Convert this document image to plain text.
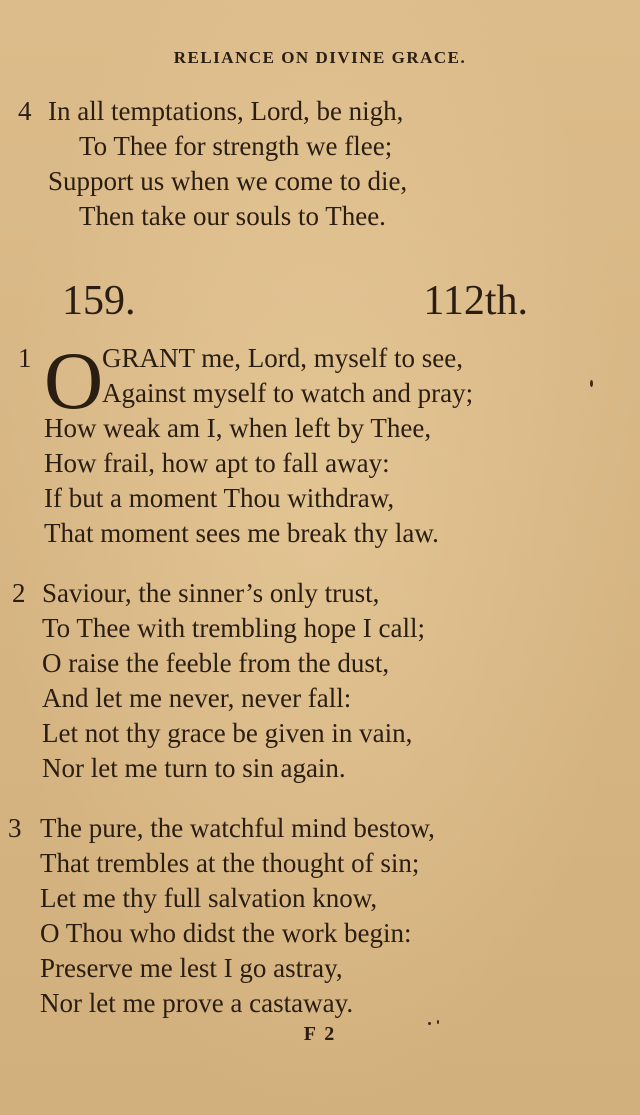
RELIANCE ON DIVINE GRACE.
4 In all temptations, Lord, be nigh,
To Thee for strength we flee;
Support us when we come to die,
Then take our souls to Thee.
159.	112th.
1 O
GRANT me, Lord, myself to see,
Against myself to watch and pray;
How weak am I, when left by Thee,
How frail, how apt to fall away:
If but a moment Thou withdraw,
That moment sees me break thy law.
2 Saviour, the sinner’s only trust,
To Thee with trembling hope I call;
O raise the feeble from the dust,
And let me never, never fall:
Let not thy grace be given in vain,
Nor let me turn to sin again.
3 The pure, the watchful mind bestow,
That trembles at the thought of sin;
Let me thy full salvation know,
O Thou who didst the work begin:
Preserve me lest I go astray,
Nor let me prove a castaway.
F 2
